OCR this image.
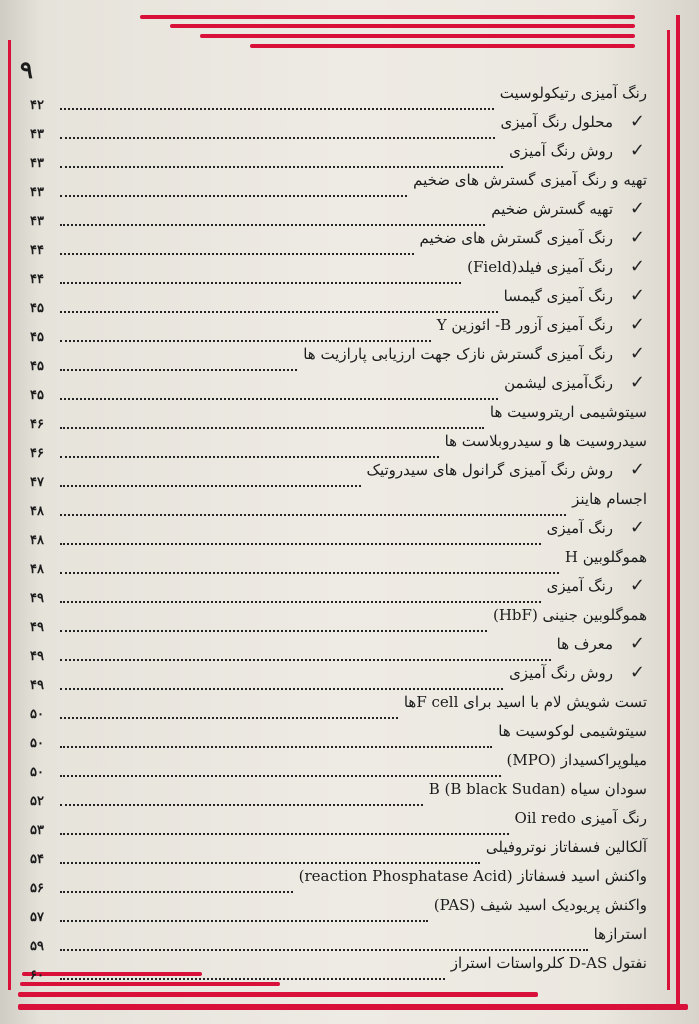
۹
رنگ آمیزی رتیکولوسیت
۴۲
✓
محلول رنگ آمیزی
۴۳
✓
روش رنگ آمیزی
۴۳
تهیه و رنگ آمیزی گسترش های ضخیم
۴۳
✓
تهیه گسترش ضخیم
۴۳
✓
رنگ آمیزی گسترش های ضخیم
۴۴
✓
رنگ آمیزی فیلد(Field)
۴۴
✓
رنگ آمیزی گیمسا
۴۵
✓
رنگ آمیزی آزور B- ائوزین Y
۴۵
✓
رنگ آمیزی گسترش نازک جهت ارزیابی پارازیت ها
۴۵
✓
رنگ‌آمیزی لیشمن
۴۵
سیتوشیمی اریتروسیت ها
۴۶
سیدروسیت ها و سیدروبلاست ها
۴۶
✓
روش رنگ آمیزی گرانول های سیدروتیک
۴۷
اجسام هاینز
۴۸
✓
رنگ آمیزی
۴۸
هموگلوبین H
۴۸
✓
رنگ آمیزی
۴۹
هموگلوبین جنینی (HbF)
۴۹
✓
معرف ها
۴۹
✓
روش رنگ آمیزی
۴۹
تست شویش لام با اسید برای F cellها
۵۰
سیتوشیمی لوکوسیت ها
۵۰
میلوپراکسیداز (MPO)
۵۰
سودان سیاه B (B black Sudan)
۵۲
رنگ آمیزی Oil redo
۵۳
آلکالین فسفاتاز نوتروفیلی
۵۴
واکنش اسید فسفاتاز (reaction Phosphatase Acid)
۵۶
واکنش پریودیک اسید شیف (PAS)
۵۷
استرازها
۵۹
نفتول D-AS کلرواستات استراز
۶۰
